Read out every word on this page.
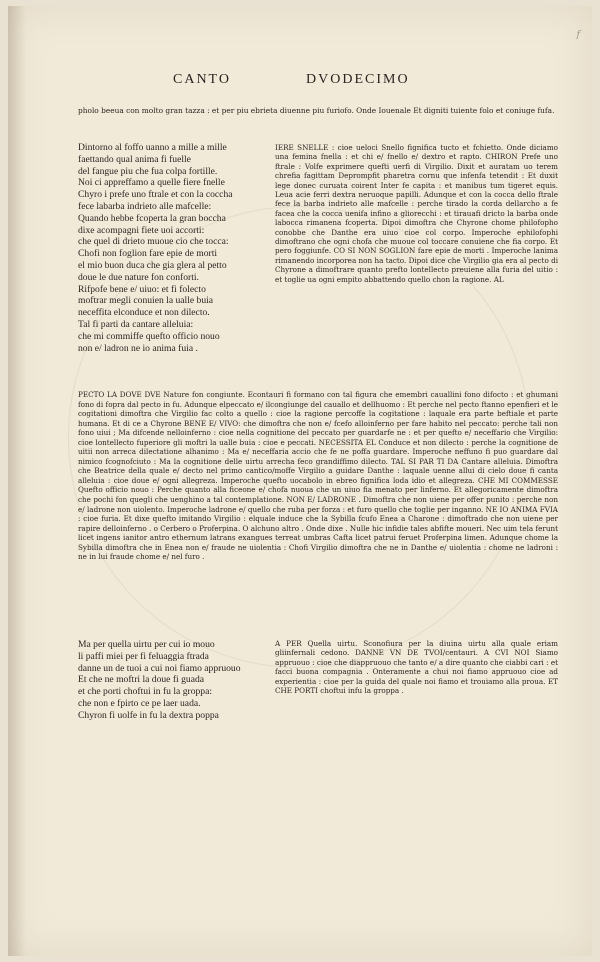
f
CANTO	DVODECIMO
pholo beeua con molto gran tazza : et per piu ebrieta diuenne piu furiofo. Onde Iouenale Et digniti tuiente folo et coniuge fufa.
Dintorno al foffo uanno a mille a mille
faettando qual anima fi fuelle
del fangue piu che fua colpa fortille.
Noi ci appreffamo a quelle fiere fnelle
Chyro i prefe uno ftrale et con la coccha
fece labarba indrieto alle mafcelle:
Quando hebbe fcoperta la gran boccha
dixe acompagni fiete uoi accorti:
che quel di drieto muoue cio che tocca:
Chofi non foglion fare epie de morti
el mio buon duca che gia glera al petto
doue le due nature fon conforti.
Rifpofe bene e/ uiuo: et fi folecto
moftrar megli conuien la ualle buia
neceffita elconduce et non dilecto.
Tal fi parti da cantare alleluia:
che mi commiffe quefto officio nouo
non e/ ladron ne io anima fuia .
IERE SNELLE : cioe ueloci Snello fignifica tucto et fchietto. Onde diciamo una femina fnella : et chi e/ fnello e/ dextro et rapto. CHIRON Prefe uno ftrale : Volfe exprimere quefti uerfi di Virgilio. Dixit et auratam uo terem chrefia fagittam Deprompfit pharetra cornu que infenfa tetendit : Et duxit lege donec curuata coirent Inter fe capita : et manibus tum tigeret equis. Leua acie ferri dextra neruoque papilli. Adunque et con la cocca dello ftrale fece la barba indrieto alle mafcelle : perche tirado la corda dellarcho a fe facea che la cocca uenifa infino a gliorecchi : et tirauafi dricto la barba onde labocca rimanena fcoperta. Dipoi dimoftra che Chyrone chome philofopho conobbe che Danthe era uiuo cioe col corpo. Imperoche ephilofophi dimoftrano che ogni chofa che muoue col toccare conuiene che fia corpo. Et pero foggiunfe. CO SI NON SOGLION fare epie de morti . Imperoche lanima rimanendo incorporea non ha tacto. Dipoi dice che Virgilio gia era al pecto di Chyrone a dimoftrare quanto prefto lontellecto preuiene alla furia del uitio : et toglie ua ogni empito abbattendo quello chon la ragione. AL
PECTO LA DOVE DVE Nature fon congiunte. Econtauri fi formano con tal figura che emembri cauallini fono difocto : et ghumani fono di fopra dal pecto in fu. Adunque elpeccato e/ ilcongiunge del cauallo et dellhuomo : Et perche nel pecto ftanno epenfieri et le cogitationi dimoftra che Virgilio fac colto a quello : cioe la ragione percoffe la cogitatione : laquale era parte beftiale et parte humana. Et di ce a Chyrone BENE E/ VIVO: che dimoftra che non e/ fcefo alloinferno per fare habito nel peccato: perche tali non fono uiui ; Ma difcende nelloinferno : cioe nella cognitione del peccato per guardarfe ne : et per quefto e/ neceffario che Virgilio: cioe lontellecto fuperiore gli moftri la ualle buia : cioe e peccati. NECESSITA EL Conduce et non dilecto : perche la cognitione de uitii non arreca dilectatione alhanimo : Ma e/ neceffaria accio che fe ne poffa guardare. Imperoche neffuno fi puo guardare dal nimico fcognofciuto : Ma la cognitione delle uirtu arrecha feco grandiffimo dilecto. TAL SI PAR TI DA Cantare alleluia. Dimoftra che Beatrice della quale e/ decto nel primo cantico/moffe Virgilio a guidare Danthe : laquale uenne allui di cielo doue fi canta alleluia : cioe doue e/ ogni allegreza. Imperoche quefto uocabolo in ebreo fignifica loda idio et allegreza. CHE MI COMMESSE Quefto officio nouo : Perche quanto alla ficeone e/ chofa nuoua che un uiuo fia menato per linferno. Et allegoricamente dimoftra che pochi fon quegli che uenghino a tal contemplatione. NON E/ LADRONE . Dimoftra che non uiene per offer punito : perche non e/ ladrone non uiolento. Imperoche ladrone e/ quello che ruba per forza : et furo quello che toglie per inganno. NE IO ANIMA FVIA : cioe furia. Et dixe quefto imitando Virgilio : elquale induce che la Sybilla fcufo Enea a Charone : dimoftrado che non uiene per rapire delloinferno . o Cerbero o Proferpina. O alchuno altro . Onde dixe . Nulle hic infidie tales abfifte moueri. Nec uim tela ferunt licet ingens ianitor antro ethernum latrans exangues terreat umbras Cafta licet patrui feruet Proferpina limen. Adunque chome la Sybilla dimoftra che in Enea non e/ fraude ne uiolentia : Chofi Virgilio dimoftra che ne in Danthe e/ uiolentia : chome ne ladroni : ne in lui fraude chome e/ nel furo .
Ma per quella uirtu per cui io mouo
li paffi miei per fi feluaggia ftrada
danne un de tuoi a cui noi fiamo appruouo
Et che ne moftri la doue fi guada
et che porti choftui in fu la groppa:
che non e fpirto ce pe laer uada.
Chyron fi uolfe in fu la dextra poppa
A PER Quella uirtu. Sconofiura per la diuina uirtu alla quale eriam gliinfernali cedono. DANNE VN DE TVOI/centauri. A CVI NOI Siamo appruouo : cioe che diappruouo che tanto e/ a dire quanto che ciabbi cari : et facci buona compagnia . Onteramente a chui noi fiamo appruouo cioe ad experientia : cioe per la guida del quale noi fiamo et trouiamo alla proua. ET CHE PORTI choftui infu la groppa .
